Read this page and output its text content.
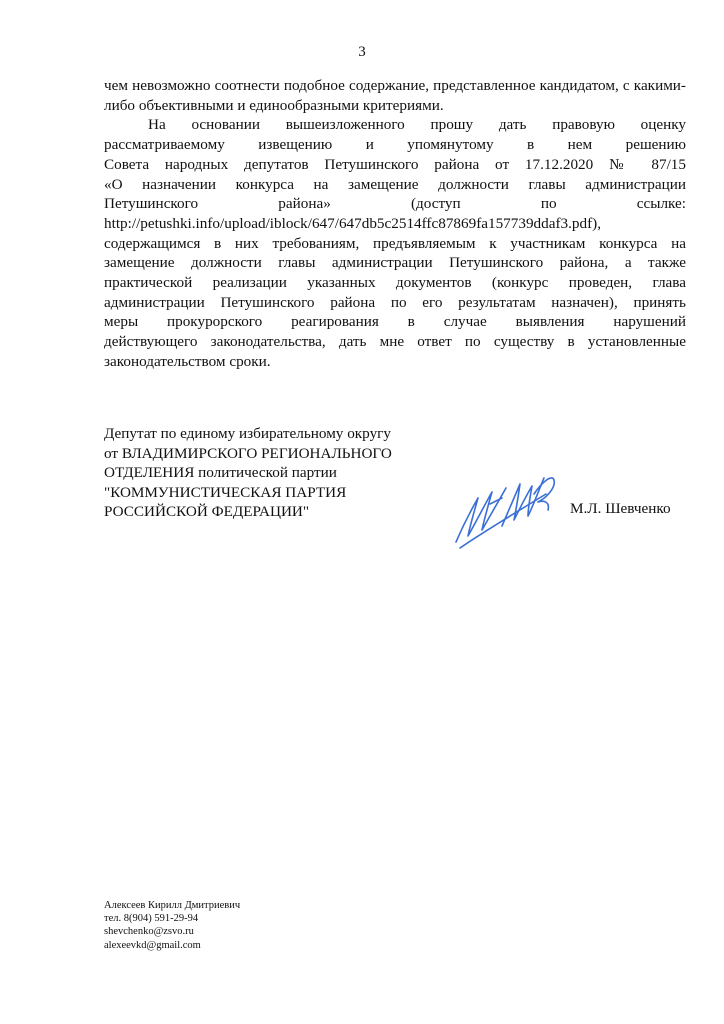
3

чем невозможно соотнести подобное содержание, представленное кандидатом, с какими-либо объективными и единообразными критериями.

На основании вышеизложенного прошу дать правовую оценку

рассматриваемому извещению и упомянутому в нем решению

Совета народных депутатов Петушинского района от 17.12.2020 № 87/15

«О назначении конкурса на замещение должности главы администрации

Петушинского района» (доступ по ссылке:

http://petushki.info/upload/iblock/647/647db5c2514ffc87869fa157739ddaf3.pdf),

содержащимся в них требованиям, предъявляемым к участникам конкурса на

замещение должности главы администрации Петушинского района, а также

практической реализации указанных документов (конкурс проведен, глава

администрации Петушинского района по его результатам назначен), принять

меры прокурорского реагирования в случае выявления нарушений

действующего законодательства, дать мне ответ по существу в установленные

законодательством сроки.

Депутат по единому избирательному округу
от ВЛАДИМИРСКОГО РЕГИОНАЛЬНОГО
ОТДЕЛЕНИЯ политической партии
"КОММУНИСТИЧЕСКАЯ ПАРТИЯ
РОССИЙСКОЙ ФЕДЕРАЦИИ"	М.Л. Шевченко
Алексеев Кирилл Дмитриевич
тел. 8(904) 591-29-94
shevchenko@zsvo.ru
alexeevkd@gmail.com
